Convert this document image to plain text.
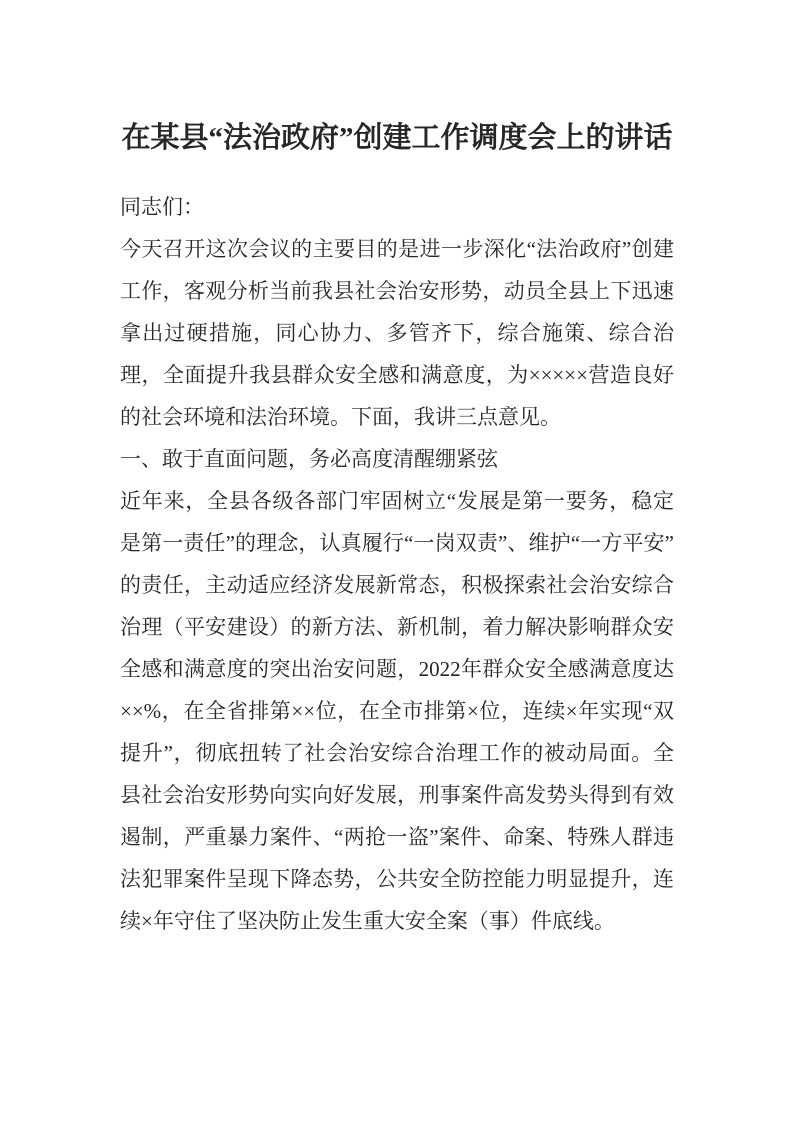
在某县“法治政府”创建工作调度会上的讲话

同志们：

今天召开这次会议的主要目的是进一步深化“法治政府”创建工作，客观分析当前我县社会治安形势，动员全县上下迅速拿出过硬措施，同心协力、多管齐下，综合施策、综合治理，全面提升我县群众安全感和满意度，为×××××营造良好的社会环境和法治环境。下面，我讲三点意见。

一、敢于直面问题，务必高度清醒绷紧弦

近年来，全县各级各部门牢固树立“发展是第一要务，稳定是第一责任”的理念，认真履行“一岗双责”、维护“一方平安”的责任，主动适应经济发展新常态，积极探索社会治安综合治理（平安建设）的新方法、新机制，着力解决影响群众安全感和满意度的突出治安问题，2022年群众安全感满意度达××%，在全省排第××位，在全市排第×位，连续×年实现“双提升”，彻底扭转了社会治安综合治理工作的被动局面。全县社会治安形势向实向好发展，刑事案件高发势头得到有效遏制，严重暴力案件、“两抢一盗”案件、命案、特殊人群违法犯罪案件呈现下降态势，公共安全防控能力明显提升，连续×年守住了坚决防止发生重大安全案（事）件底线。
